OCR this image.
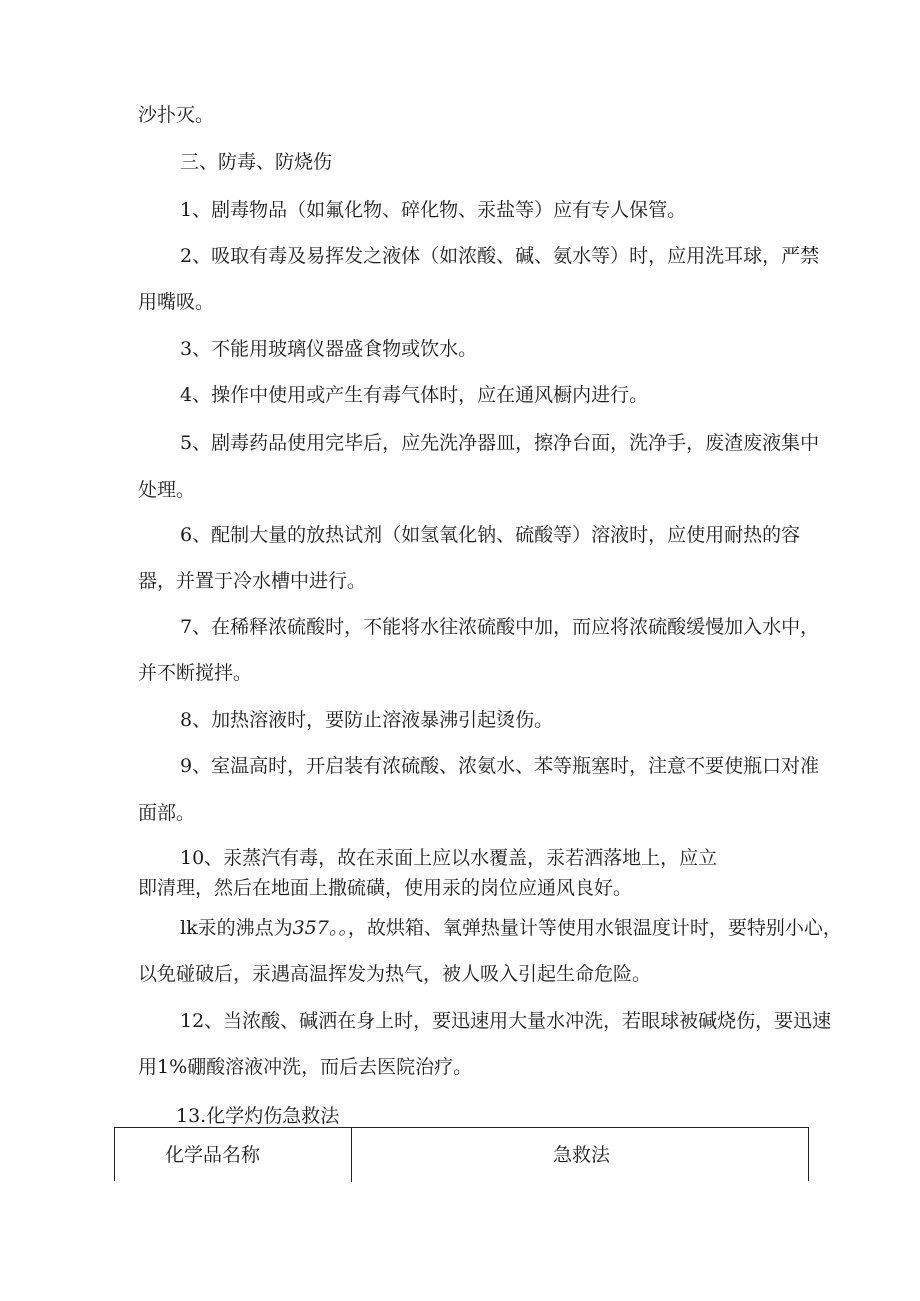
沙扑灭。
三、防毒、防烧伤
1、剧毒物品（如氟化物、碎化物、汞盐等）应有专人保管。
2、吸取有毒及易挥发之液体（如浓酸、碱、氨水等）时，应用洗耳球，严禁
用嘴吸。
3、不能用玻璃仪器盛食物或饮水。
4、操作中使用或产生有毒气体时，应在通风橱内进行。
5、剧毒药品使用完毕后，应先洗净器皿，擦净台面，洗净手，废渣废液集中
处理。
6、配制大量的放热试剂（如氢氧化钠、硫酸等）溶液时，应使用耐热的容
器，并置于冷水槽中进行。
7、在稀释浓硫酸时，不能将水往浓硫酸中加，而应将浓硫酸缓慢加入水中，
并不断搅拌。
8、加热溶液时，要防止溶液暴沸引起烫伤。
9、室温高时，开启装有浓硫酸、浓氨水、苯等瓶塞时，注意不要使瓶口对准
面部。
10、汞蒸汽有毒，故在汞面上应以水覆盖，汞若洒落地上，应立
即清理，然后在地面上撒硫磺，使用汞的岗位应通风良好。
lk汞的沸点为357。。，故烘箱、氧弹热量计等使用水银温度计时，要特别小心，
以免碰破后，汞遇高温挥发为热气，被人吸入引起生命危险。
12、当浓酸、碱洒在身上时，要迅速用大量水冲洗，若眼球被碱烧伤，要迅速
用1%硼酸溶液冲洗，而后去医院治疗。
13.化学灼伤急救法
化学品名称	急救法
